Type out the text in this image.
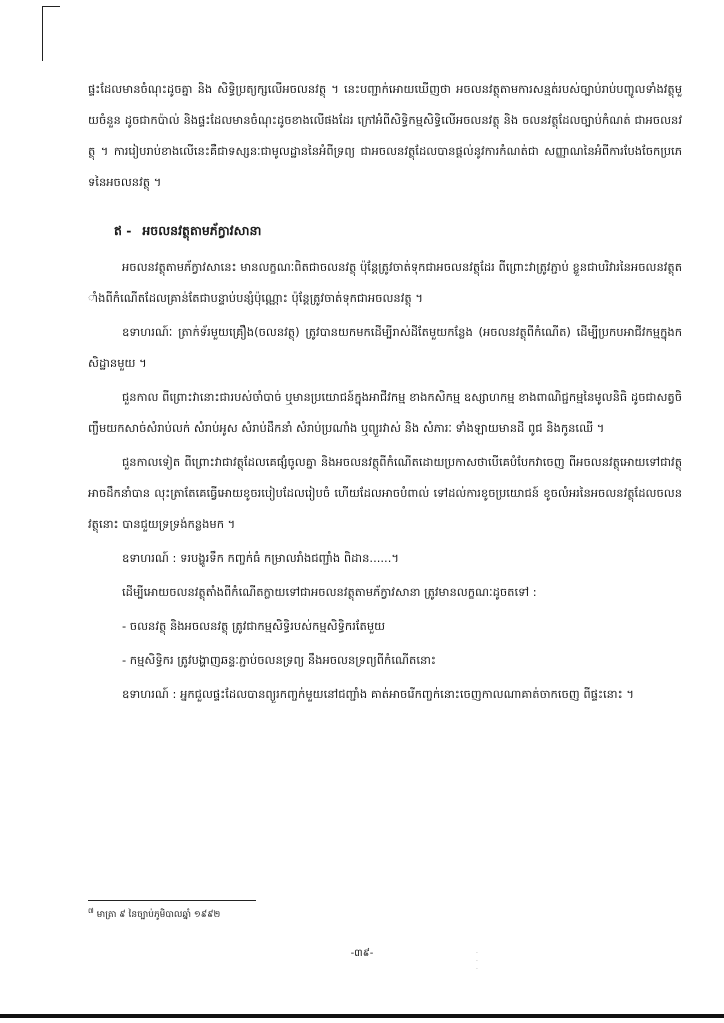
ផ្ទះដែលមានចំណុះដូចគ្នា និង សិទ្ធិប្រត្យក្សលើអចលនវត្ថុ ។ នេះបញ្ជាក់អោយឃើញថា អចលនវត្ថុតាមការសន្មត់របស់ច្បាប់រាប់បញ្ចូលទាំងវត្ថុមួយចំនួន ដូចជាកប៉ាល់ និងផ្ទះដែលមានចំណុះដូចខាងលើផងដែរ ក្រៅអំពីសិទ្ធិកម្មសិទ្ធិលើអចលនវត្ថុ និង ចលនវត្ថុដែលច្បាប់កំណត់ ជាអចលនវត្ថុ ។ ការរៀបរាប់ខាងលើនេះគឺជាទស្សនៈជាមូលដ្ឋាននៃអំពីទ្រព្យ ជាអចលនវត្ថុដែលបានផ្តល់នូវការកំណត់ជា សញ្ញាណនៃអំពីការបែងចែកប្រភេទនៃអចលនវត្ថុ ។

ឥ - អចលនវត្ថុតាមភ័ក្វាវសានា

អចលនវត្ថុតាមភ័ក្វាវសានេះ មានលក្ខណៈពិតជាចលនវត្ថុ ប៉ុន្តែត្រូវចាត់ទុកជាអចលនវត្ថុដែរ ពីព្រោះវាត្រូវភ្ជាប់ ខ្លួនជាបរិវារនៃអចលនវត្ថុតាំងពីកំណើតដែលគ្រាន់តែជាបន្ទាប់បន្សំប៉ុណ្ណោះ ប៉ុន្តែត្រូវចាត់ទុកជាអចលនវត្ថុ ។

ឧទាហរណ៍ៈ ត្រាក់ទ័រមួយគ្រឿង(ចលនវត្ថុ) ត្រូវបានយកមកដើម្បីរាស់ដីតែមួយកន្លែង (អចលនវត្ថុពីកំណើត) ដើម្បីប្រកបអាជីវកម្មក្នុងកសិដ្ឋានមួយ ។

ជួនកាល ពីព្រោះវានោះជារបស់ចាំបាច់ ឬមានប្រយោជន៍ក្នុងអាជីវកម្ម ខាងកសិកម្ម ឧស្សាហកម្ម ខាងពាណិជ្ជកម្មនៃមូលនិធិ ដូចជាសត្វចិញ្ចឹមយកសាច់សំរាប់លក់ សំរាប់អូស សំរាប់ដឹកនាំ សំរាប់ប្រណាំង ឬព្យួរវាស់ និង សំភារៈ ទាំងឡាយមានដី ពូជ និងកូនឈើ ។

ជួនកាលទៀត ពីព្រោះវាជាវត្ថុដែលគេផ្សំចូលគ្នា និងអចលនវត្ថុពីកំណើតដោយប្រកាសថាបើគេបំបែកវាចេញ ពីអចលនវត្ថុអោយទៅជាវត្ថុអាចដឹកនាំបាន លុះត្រាតែគេធ្វើអោយខូចរបៀបដែលរៀបចំ ហើយដែលអាចបំពាល់ ទៅដល់ការខូចប្រយោជន៍ ខូចលំអរនៃអចលនវត្ថុដែលចលនវត្ថុនោះ បានជួយទ្រទ្រង់កន្លងមក ។

ឧទាហរណ៍ : ទរបង្ហូរទឹក កញ្ចក់ធំ កម្រាលរាំងជញ្ជាំង ពិដាន......។

ដើម្បីអោយចលនវត្ថុតាំងពីកំណើតក្លាយទៅជាអចលនវត្ថុតាមភ័ក្វាវសានា ត្រូវមានលក្ខណៈដូចតទៅ :

- ចលនវត្ថុ និងអចលនវត្ថុ ត្រូវជាកម្មសិទ្ធិរបស់កម្មសិទ្ធិករតែមួយ

- កម្មសិទ្ធិករ ត្រូវបង្ហាញឆន្ទៈភ្ជាប់ចលនទ្រព្យ នឹងអចលនទ្រព្យពីកំណើតនោះ

ឧទាហរណ៍ : អ្នកជួលផ្ទះដែលបានព្យួរកញ្ចក់មួយនៅជញ្ជាំង គាត់អាចរើកញ្ចក់នោះចេញកាលណាគាត់ចាកចេញ ពីផ្ទះនោះ ។

$^៧$ មាត្រា ៩ នៃច្បាប់ភូមិបាលឆ្នាំ ១៩៩២
-៣៩-	·
·
·
